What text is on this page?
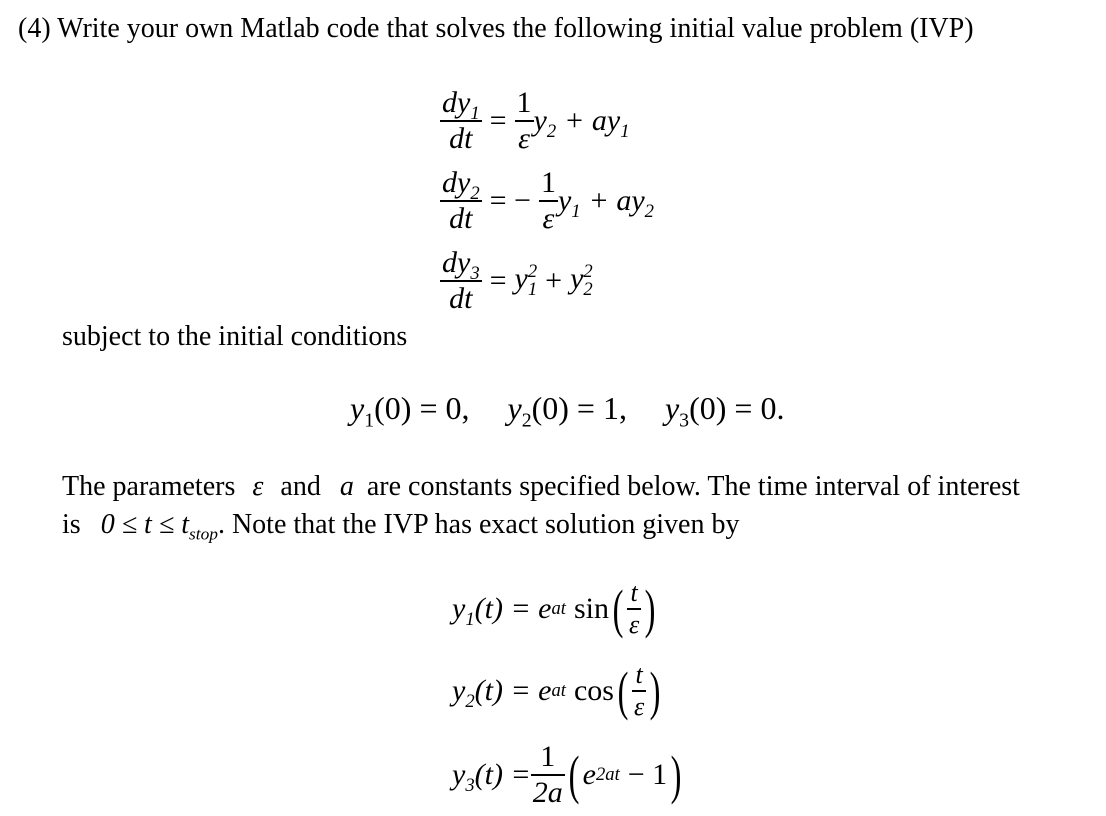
(4) Write your own Matlab code that solves the following initial value problem (IVP)
$\frac{dy_1}{dt} = \frac{1}{\varepsilon} y_2 + ay_1$
$\frac{dy_2}{dt}$ = − $\frac{1}{\varepsilon} y_1 + ay_2$
$\frac{dy_3}{dt} = y$ 2
1 + y 2
2
subject to the initial conditions
$y_1(0) = 0$, $y_2(0) = 1$, $y_3(0) = 0$.
The parameters ε and a are constants specified below. The time interval of interest
is $0 \le t \le t_{stop}$. Note that the IVP has exact solution given by
$y_1$ (t) = e at sin ( $\frac{t}{\varepsilon}$ )
$y_2$ (t) = e at cos ( $\frac{t}{\varepsilon}$ )
$y_3$ $(t) = \frac{1}{2a}$ ( e 2at − 1 )
